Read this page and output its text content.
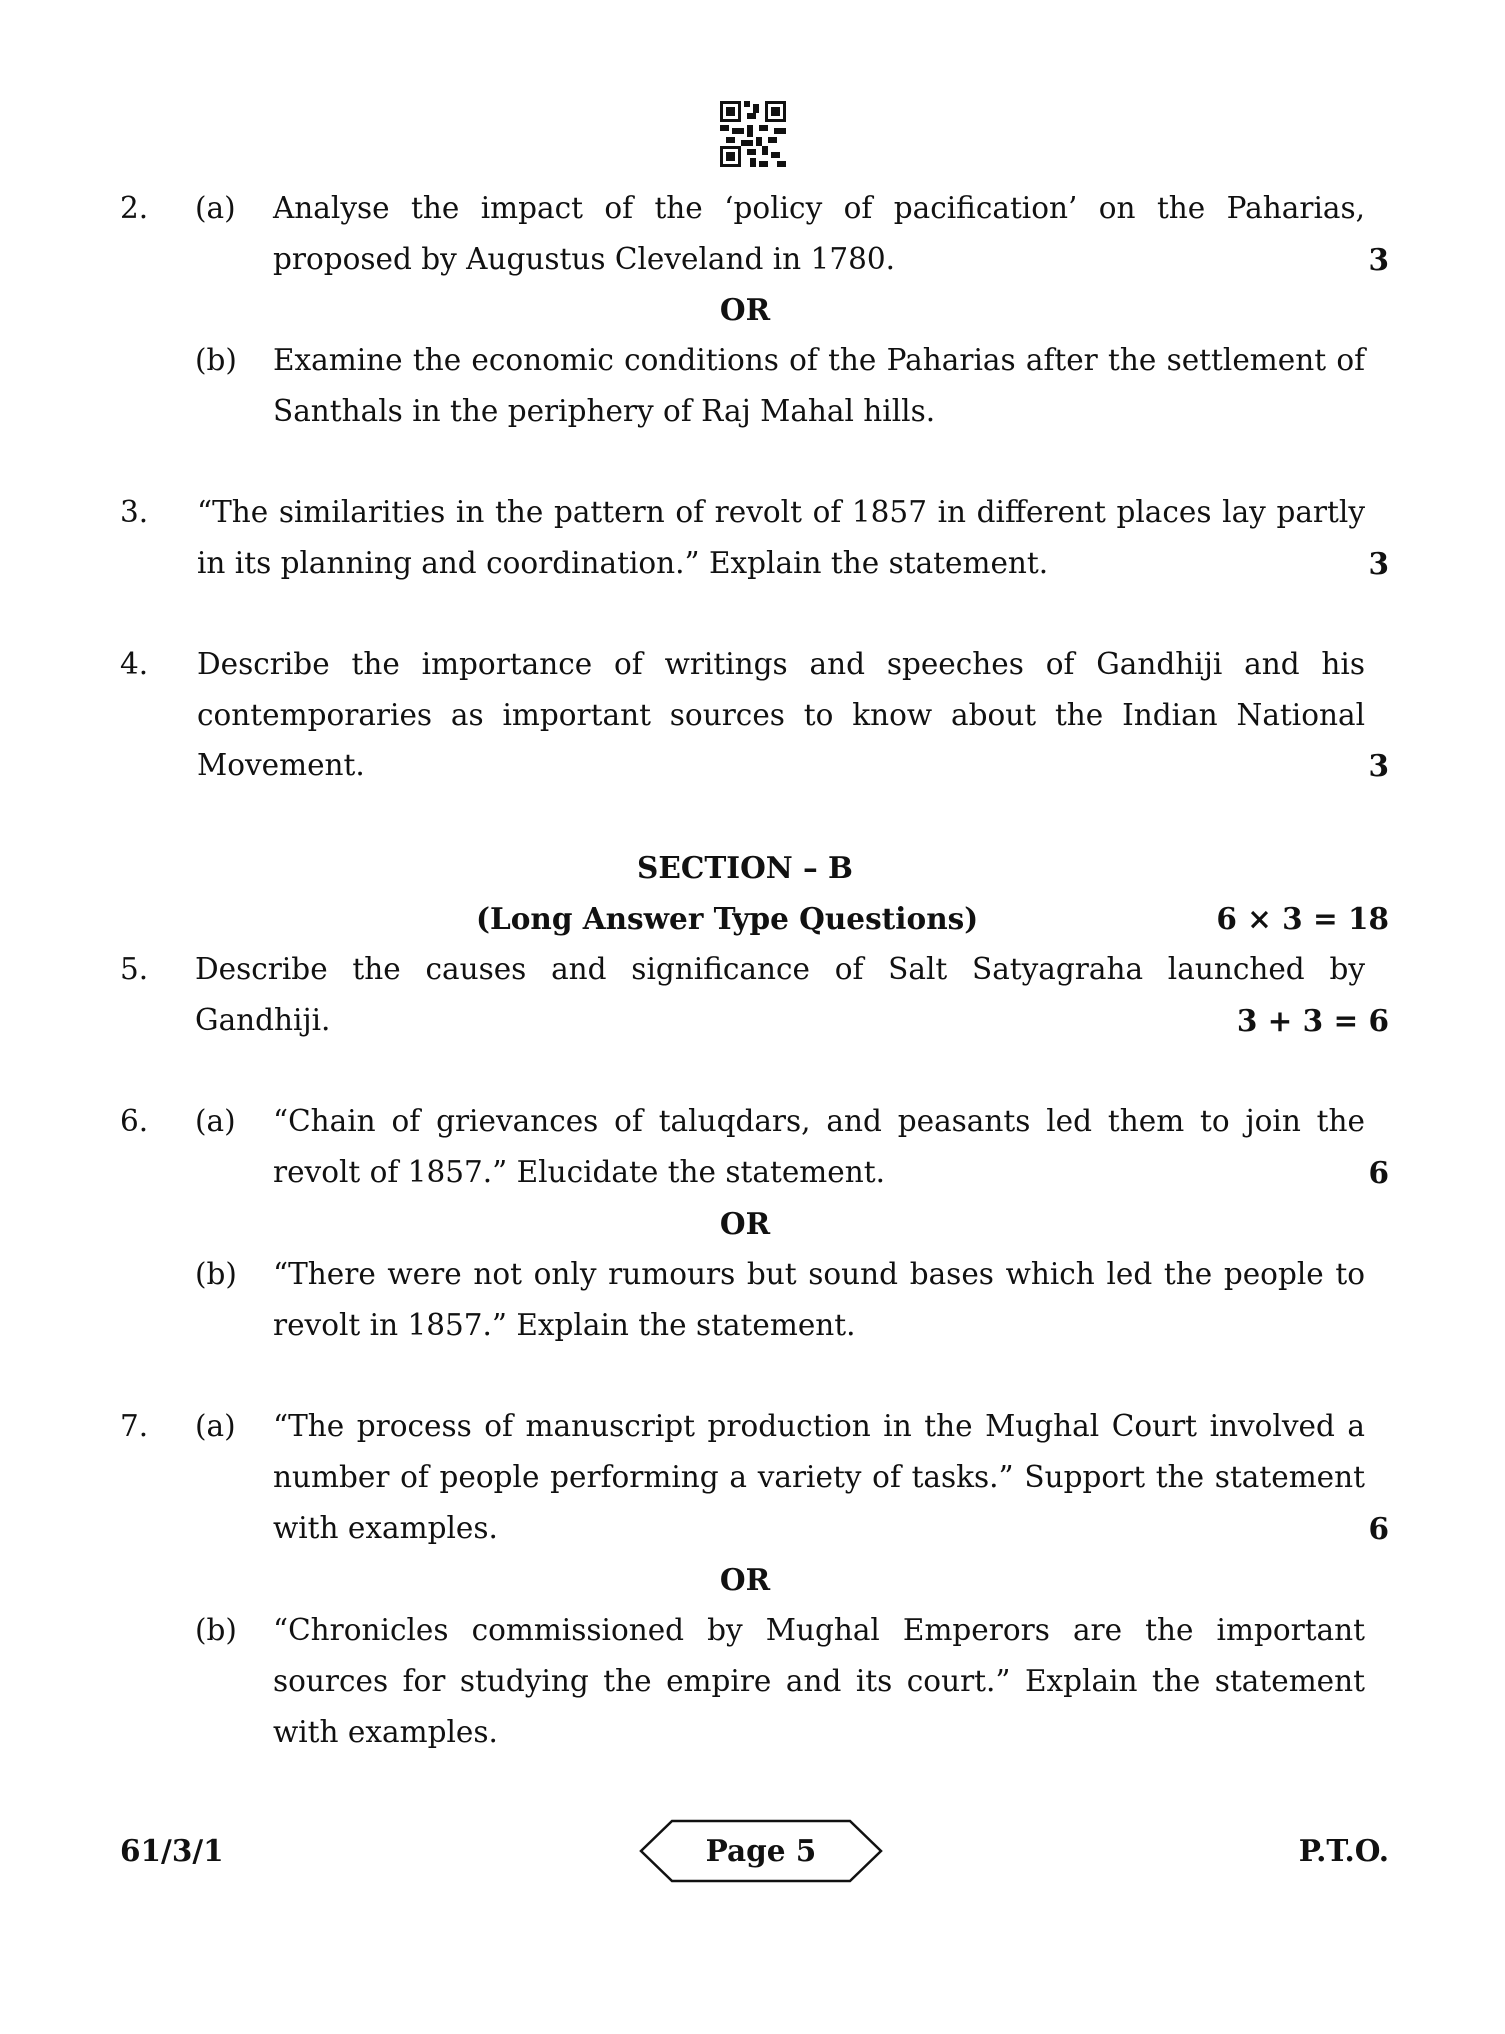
2. (a) Analyse the impact of the ‘policy of pacification’ on the Paharias,
proposed by Augustus Cleveland in 1780.	3
OR
(b) Examine the economic conditions of the Paharias after the settlement of
Santhals in the periphery of Raj Mahal hills.
3. “The similarities in the pattern of revolt of 1857 in different places lay partly
in its planning and coordination.” Explain the statement.	3
4. Describe the importance of writings and speeches of Gandhiji and his
contemporaries as important sources to know about the Indian National
Movement.	3
SECTION – B
(Long Answer Type Questions)	6 × 3 = 18
5. Describe the causes and significance of Salt Satyagraha launched by
Gandhiji.	3 + 3 = 6
6. (a) “Chain of grievances of taluqdars, and peasants led them to join the
revolt of 1857.” Elucidate the statement.	6
OR
(b) “There were not only rumours but sound bases which led the people to
revolt in 1857.” Explain the statement.
7. (a) “The process of manuscript production in the Mughal Court involved a
number of people performing a variety of tasks.” Support the statement
with examples.	6
OR
(b) “Chronicles commissioned by Mughal Emperors are the important
sources for studying the empire and its court.” Explain the statement
with examples.
61/3/1	Page 5	P.T.O.
